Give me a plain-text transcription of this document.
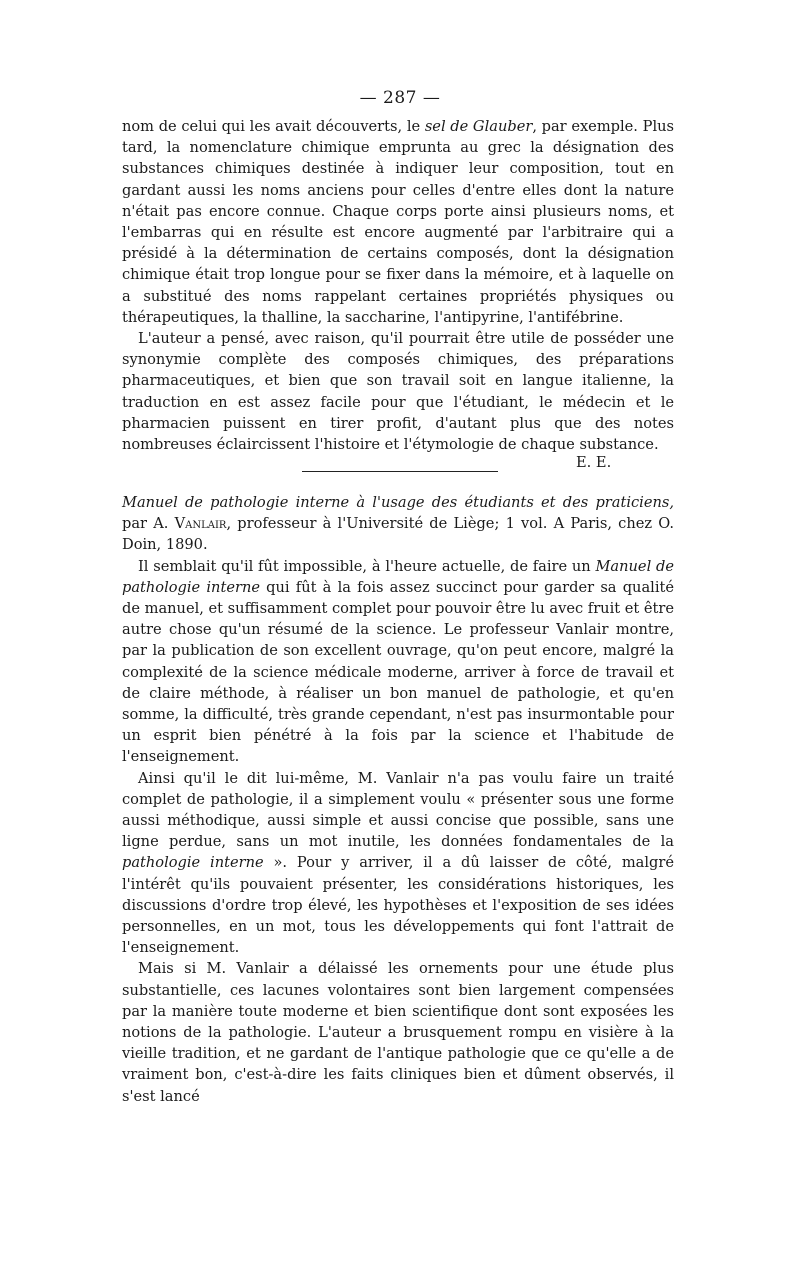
— 287 —

nom de celui qui les avait découverts, le sel de Glauber, par exemple. Plus tard, la nomenclature chimique emprunta au grec la désignation des substances chimiques destinée à indiquer leur composition, tout en gardant aussi les noms anciens pour celles d'entre elles dont la nature n'était pas encore connue. Chaque corps porte ainsi plusieurs noms, et l'embarras qui en résulte est encore augmenté par l'arbitraire qui a présidé à la détermination de certains composés, dont la désignation chimique était trop longue pour se fixer dans la mémoire, et à laquelle on a substitué des noms rappelant certaines propriétés physiques ou thérapeutiques, la thalline, la saccharine, l'antipyrine, l'antifébrine.

L'auteur a pensé, avec raison, qu'il pourrait être utile de posséder une synonymie complète des composés chimiques, des préparations pharmaceutiques, et bien que son travail soit en langue italienne, la traduction en est assez facile pour que l'étudiant, le médecin et le pharmacien puissent en tirer profit, d'autant plus que des notes nombreuses éclaircissent l'histoire et l'étymologie de chaque substance.

E. E.

Manuel de pathologie interne à l'usage des étudiants et des praticiens, par A. Vanlair, professeur à l'Université de Liège; 1 vol. A Paris, chez O. Doin, 1890.

Il semblait qu'il fût impossible, à l'heure actuelle, de faire un Manuel de pathologie interne qui fût à la fois assez succinct pour garder sa qualité de manuel, et suffisamment complet pour pouvoir être lu avec fruit et être autre chose qu'un résumé de la science. Le professeur Vanlair montre, par la publication de son excellent ouvrage, qu'on peut encore, malgré la complexité de la science médicale moderne, arriver à force de travail et de claire méthode, à réaliser un bon manuel de pathologie, et qu'en somme, la difficulté, très grande cependant, n'est pas insurmontable pour un esprit bien pénétré à la fois par la science et l'habitude de l'enseignement.

Ainsi qu'il le dit lui-même, M. Vanlair n'a pas voulu faire un traité complet de pathologie, il a simplement voulu « présenter sous une forme aussi méthodique, aussi simple et aussi concise que possible, sans une ligne perdue, sans un mot inutile, les données fondamentales de la pathologie interne ». Pour y arriver, il a dû laisser de côté, malgré l'intérêt qu'ils pouvaient présenter, les considérations historiques, les discussions d'ordre trop élevé, les hypothèses et l'exposition de ses idées personnelles, en un mot, tous les développements qui font l'attrait de l'enseignement.

Mais si M. Vanlair a délaissé les ornements pour une étude plus substantielle, ces lacunes volontaires sont bien largement compensées par la manière toute moderne et bien scientifique dont sont exposées les notions de la pathologie. L'auteur a brusquement rompu en visière à la vieille tradition, et ne gardant de l'antique pathologie que ce qu'elle a de vraiment bon, c'est-à-dire les faits cliniques bien et dûment observés, il s'est lancé
